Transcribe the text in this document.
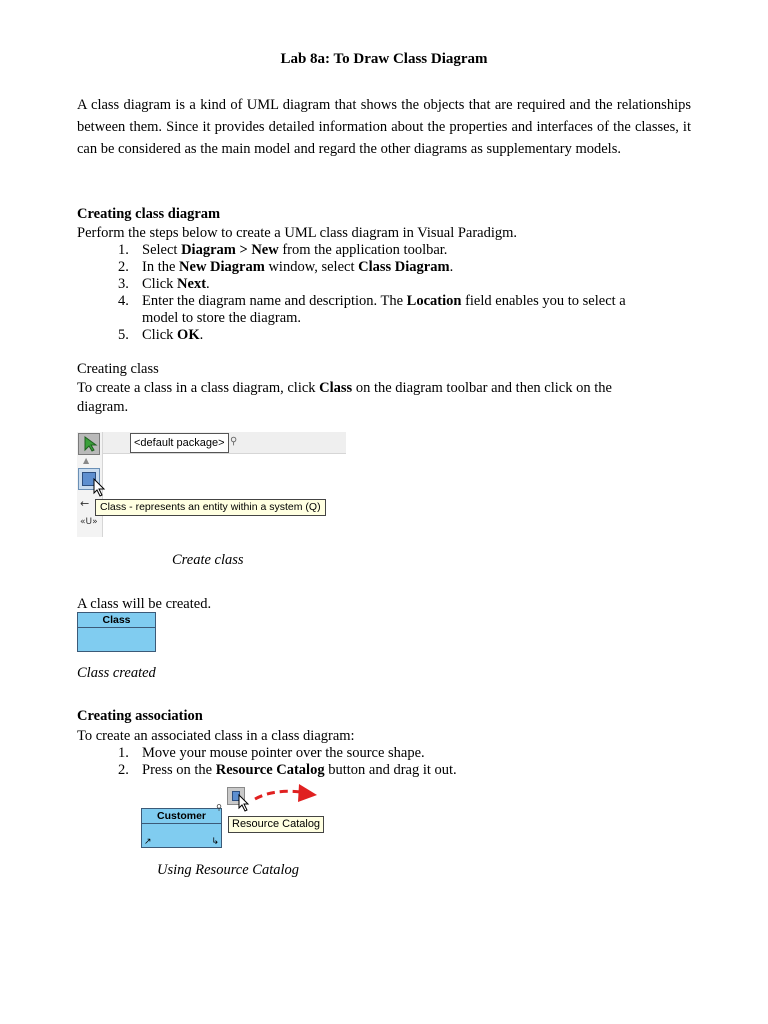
Lab 8a: To Draw Class Diagram
A class diagram is a kind of UML diagram that shows the objects that are required and the relationships between them. Since it provides detailed information about the properties and interfaces of the classes, it can be considered as the main model and regard the other diagrams as supplementary models.
Creating class diagram
Perform the steps below to create a UML class diagram in Visual Paradigm.
1. Select Diagram > New from the application toolbar.
2. In the New Diagram window, select Class Diagram.
3. Click Next.
4. Enter the diagram name and description. The Location field enables you to select a
model to store the diagram.
5. Click OK.
Creating class
To create a class in a class diagram, click Class on the diagram toolbar and then click on the
diagram.
<default package> ⚲
▲
←
«U»
Class - represents an entity within a system (Q)
Create class
A class will be created.
Class
Class created
Creating association
To create an associated class in a class diagram:
1. Move your mouse pointer over the source shape.
2. Press on the Resource Catalog button and drag it out.
Customer
⚲
↗	↳
Resource Catalog
Using Resource Catalog
